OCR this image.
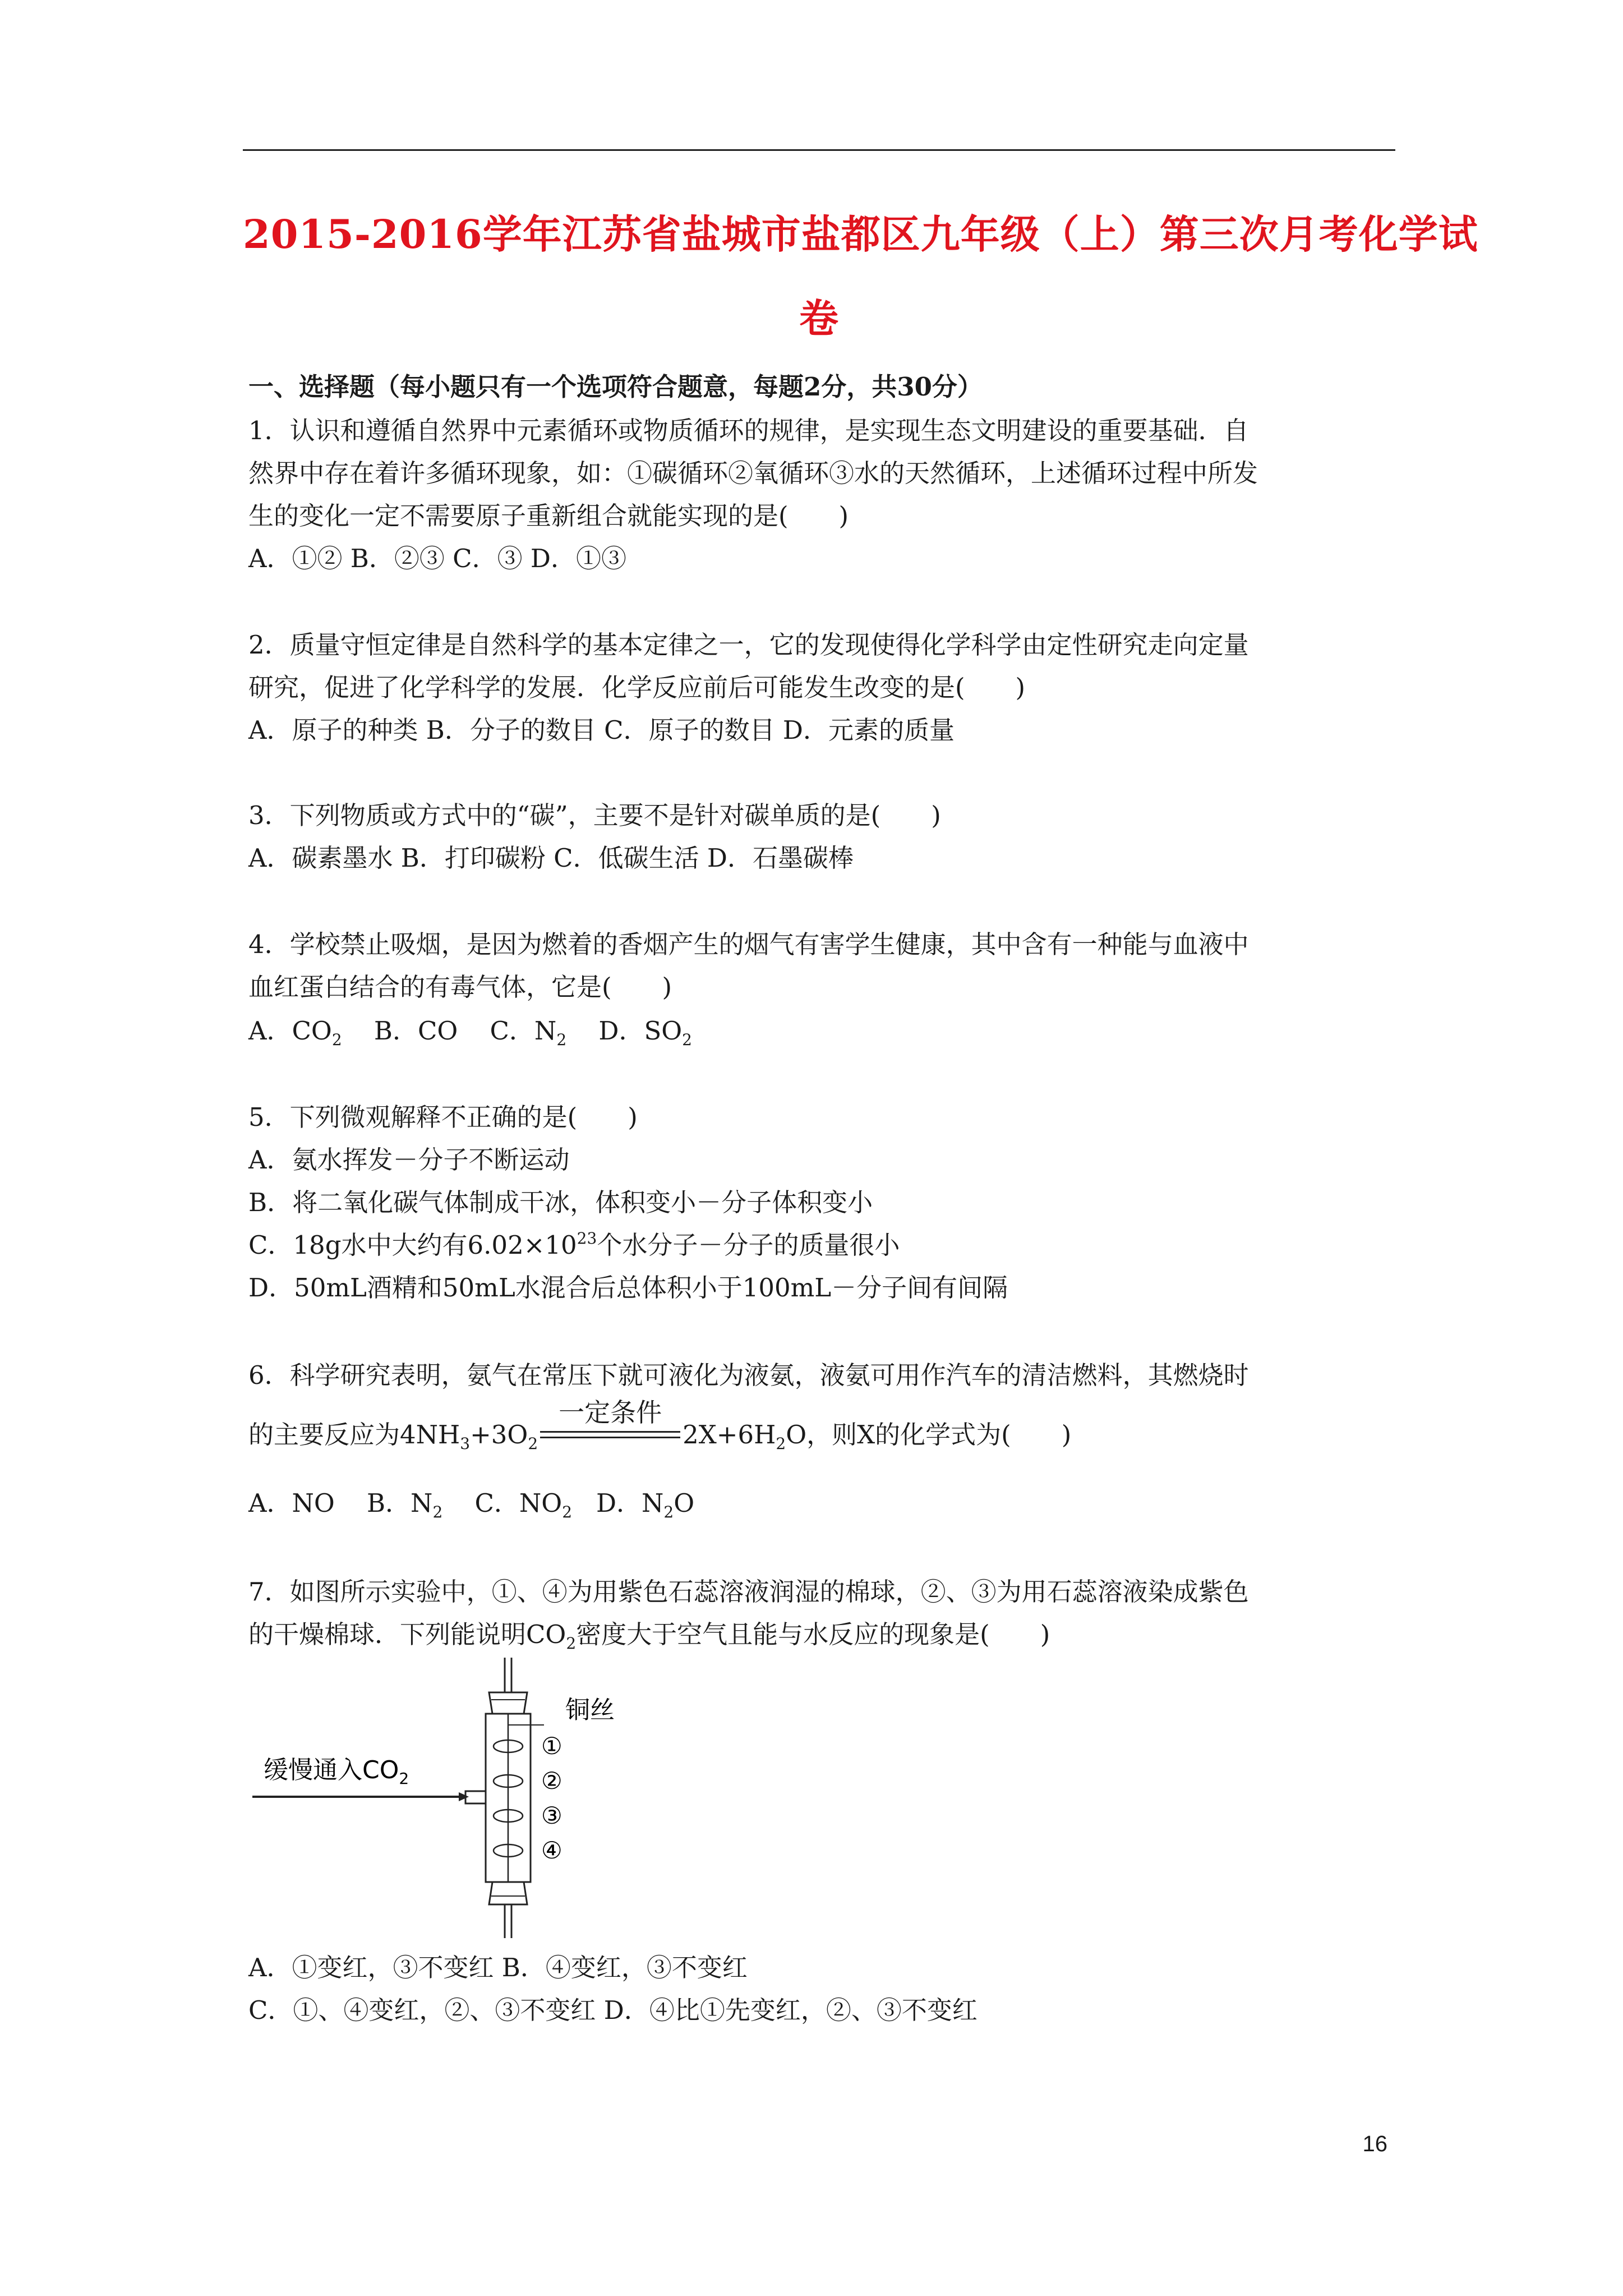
2015-2016学年江苏省盐城市盐都区九年级（上）第三次月考化学试
卷
一、选择题（每小题只有一个选项符合题意，每题2分，共30分）
1．认识和遵循自然界中元素循环或物质循环的规律，是实现生态文明建设的重要基础．自
然界中存在着许多循环现象，如：①碳循环②氧循环③水的天然循环，上述循环过程中所发
生的变化一定不需要原子重新组合就能实现的是(　　)
A．①② B．②③ C．③ D．①③
2．质量守恒定律是自然科学的基本定律之一，它的发现使得化学科学由定性研究走向定量
研究，促进了化学科学的发展．化学反应前后可能发生改变的是(　　)
A．原子的种类 B．分子的数目 C．原子的数目 D．元素的质量
3．下列物质或方式中的“碳”，主要不是针对碳单质的是(　　)
A．碳素墨水 B．打印碳粉 C．低碳生活 D．石墨碳棒
4．学校禁止吸烟，是因为燃着的香烟产生的烟气有害学生健康，其中含有一种能与血液中
血红蛋白结合的有毒气体，它是(　　)
A．$CO_2$ B．CO C．$N_2$ D．$SO_2$
5．下列微观解释不正确的是(　　)
A．氨水挥发－分子不断运动
B．将二氧化碳气体制成干冰，体积变小－分子体积变小
C．18g水中大约有$6.02\times 10^{23}$个水分子－分子的质量很小
D．50mL酒精和50mL水混合后总体积小于100mL－分子间有间隔
6．科学研究表明，氨气在常压下就可液化为液氨，液氨可用作汽车的清洁燃料，其燃烧时
的主要反应为$4NH_3+3O_2$
一定条件
$2X+6H_2O$，则X的化学式为(　　)
A．NO B．$N_2$ C．$NO_2$ D．$N_2O$
7．如图所示实验中，①、④为用紫色石蕊溶液润湿的棉球，②、③为用石蕊溶液染成紫色
的干燥棉球．下列能说明$CO_2$密度大于空气且能与水反应的现象是(　　)
缓慢通入$CO_2$
铜丝
①
②
③
④
A．①变红，③不变红 B．④变红，③不变红
C．①、④变红，②、③不变红 D．④比①先变红，②、③不变红
16
